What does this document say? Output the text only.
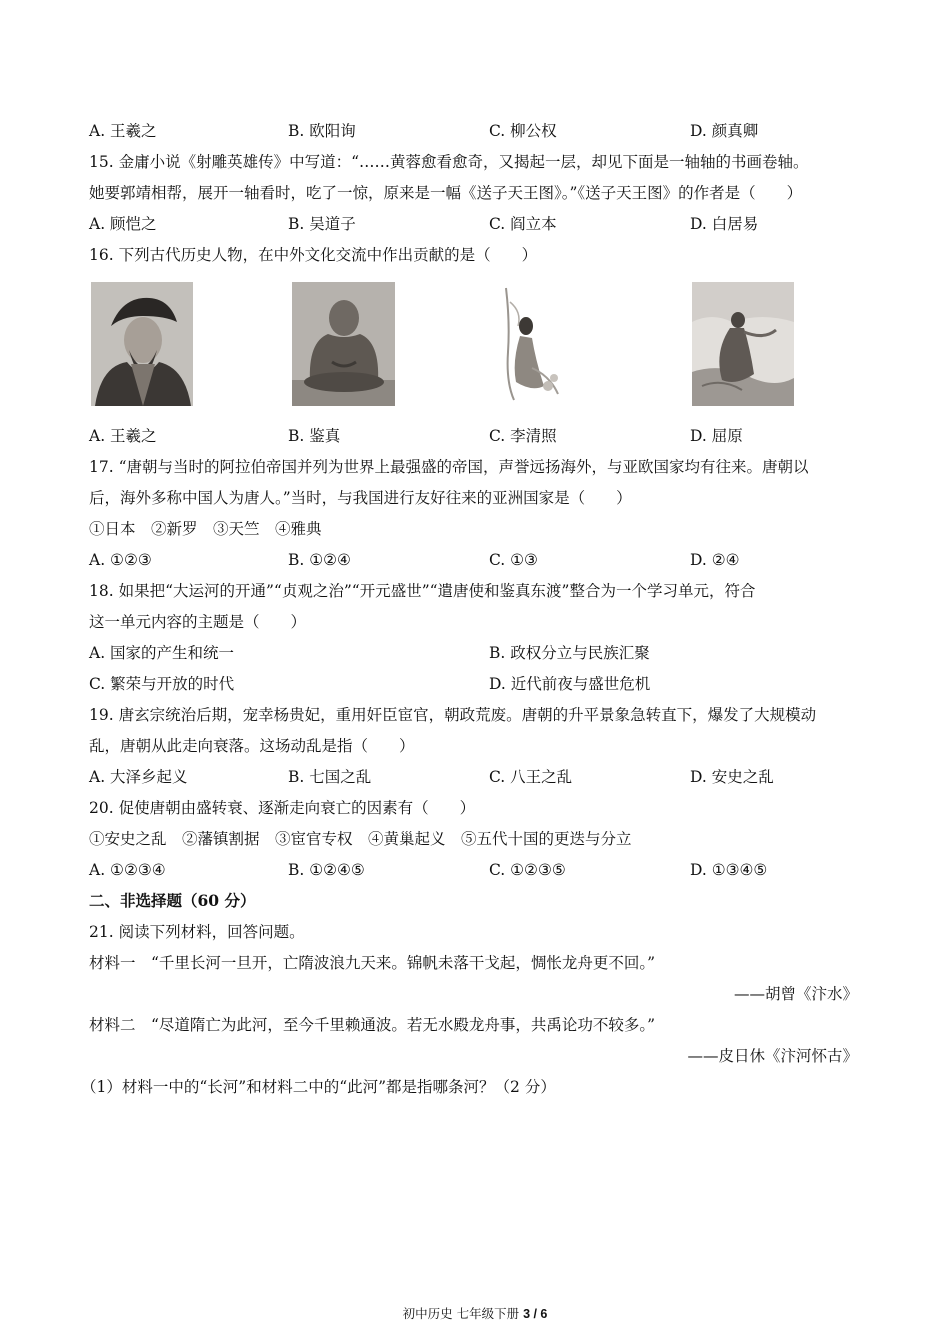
A. 王羲之	B. 欧阳询	C. 柳公权	D. 颜真卿
15. 金庸小说《射雕英雄传》中写道：“……黄蓉愈看愈奇，又揭起一层，却见下面是一轴轴的书画卷轴。
她要郭靖相帮，展开一轴看时，吃了一惊，原来是一幅《送子天王图》。”《送子天王图》的作者是（　　）
A. 顾恺之	B. 吴道子	C. 阎立本	D. 白居易
16. 下列古代历史人物，在中外文化交流中作出贡献的是（　　）
A. 王羲之	B. 鉴真	C. 李清照	D. 屈原
17. “唐朝与当时的阿拉伯帝国并列为世界上最强盛的帝国，声誉远扬海外，与亚欧国家均有往来。唐朝以
后，海外多称中国人为唐人。”当时，与我国进行友好往来的亚洲国家是（　　）
①日本　②新罗　③天竺　④雅典
A. ①②③	B. ①②④	C. ①③	D. ②④
18. 如果把“大运河的开通”“贞观之治”“开元盛世”“遣唐使和鉴真东渡”整合为一个学习单元，符合
这一单元内容的主题是（　　）
A. 国家的产生和统一	B. 政权分立与民族汇聚
C. 繁荣与开放的时代	D. 近代前夜与盛世危机
19. 唐玄宗统治后期，宠幸杨贵妃，重用奸臣宦官，朝政荒废。唐朝的升平景象急转直下，爆发了大规模动
乱，唐朝从此走向衰落。这场动乱是指（　　）
A. 大泽乡起义	B. 七国之乱	C. 八王之乱	D. 安史之乱
20. 促使唐朝由盛转衰、逐渐走向衰亡的因素有（　　）
①安史之乱　②藩镇割据　③宦官专权　④黄巢起义　⑤五代十国的更迭与分立
A. ①②③④	B. ①②④⑤	C. ①②③⑤	D. ①③④⑤
二、非选择题（60 分）
21. 阅读下列材料，回答问题。
材料一　“千里长河一旦开，亡隋波浪九天来。锦帆未落干戈起，惆怅龙舟更不回。”
——胡曾《汴水》
材料二　“尽道隋亡为此河，至今千里赖通波。若无水殿龙舟事，共禹论功不较多。”
——皮日休《汴河怀古》
（1）材料一中的“长河”和材料二中的“此河”都是指哪条河？（2 分）
初中历史 七年级下册 3 / 6
